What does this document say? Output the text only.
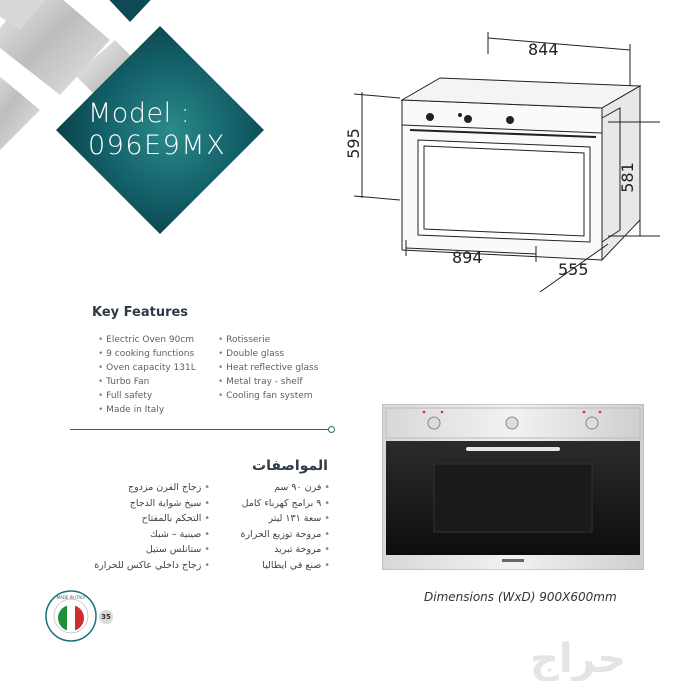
Model :
096E9MX
844
595
581
894
555
Key Features
• Electric Oven 90cm
• 9 cooking functions
• Oven capacity 131L
• Turbo Fan
• Full safety
• Made in Italy
• Rotisserie
• Double glass
• Heat reflective glass
• Metal tray - shelf
• Cooling fan system
المواصفات
• فرن ٩٠ سم
• ٩ برامج كهرباء كامل
• سعة ١٣١ ليتر
• مروحة توزيع الحرارة
• مروحة تبريد
• صنع في ايطاليا
• زجاج الفرن مزدوج
• سيخ شواية الدجاج
• التحكم بالمفتاح
• صينية – شبك
• ستانلس ستيل
• زجاج داخلي عاكس للحرارة
Dimensions (WxD) 900X600mm
MADE IN ITALY
35
حراج
